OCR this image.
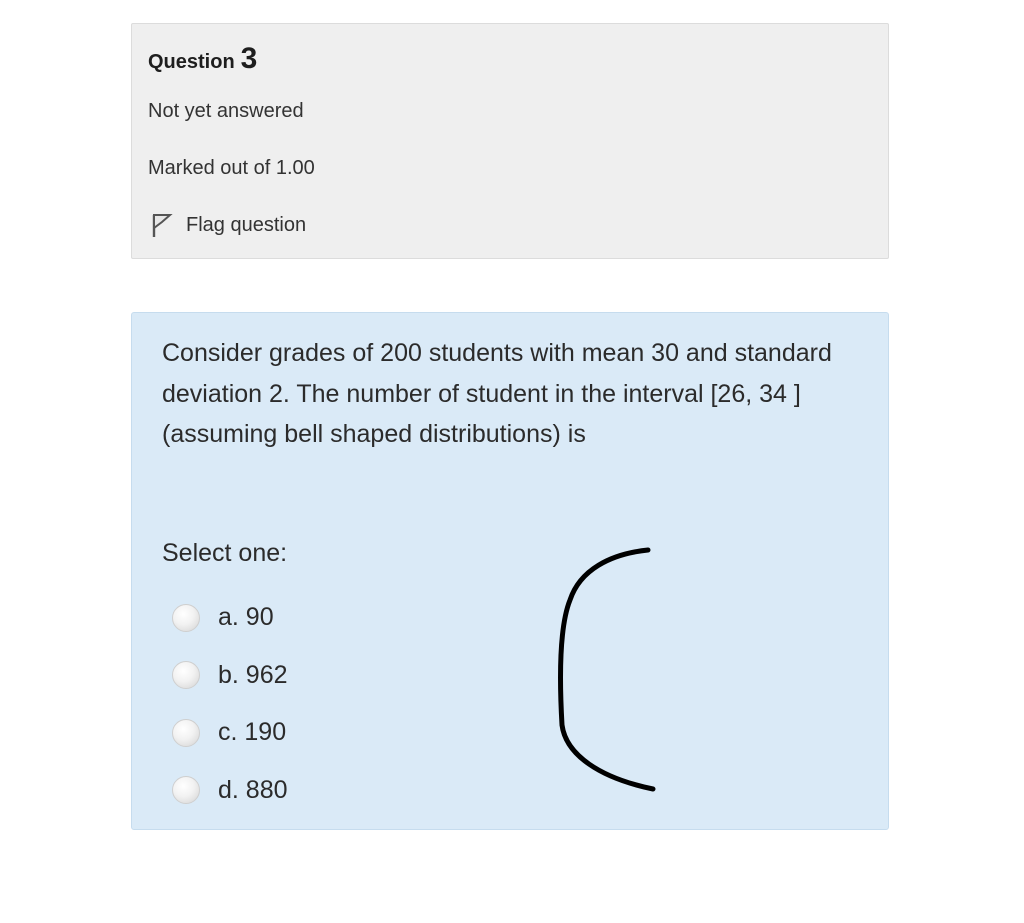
Question 3
Not yet answered
Marked out of 1.00
Flag question
Consider grades of 200 students with mean 30 and standard deviation 2. The number of student in the interval [26, 34 ](assuming bell shaped distributions) is
Select one:
a. 90
b. 962
c. 190
d. 880
